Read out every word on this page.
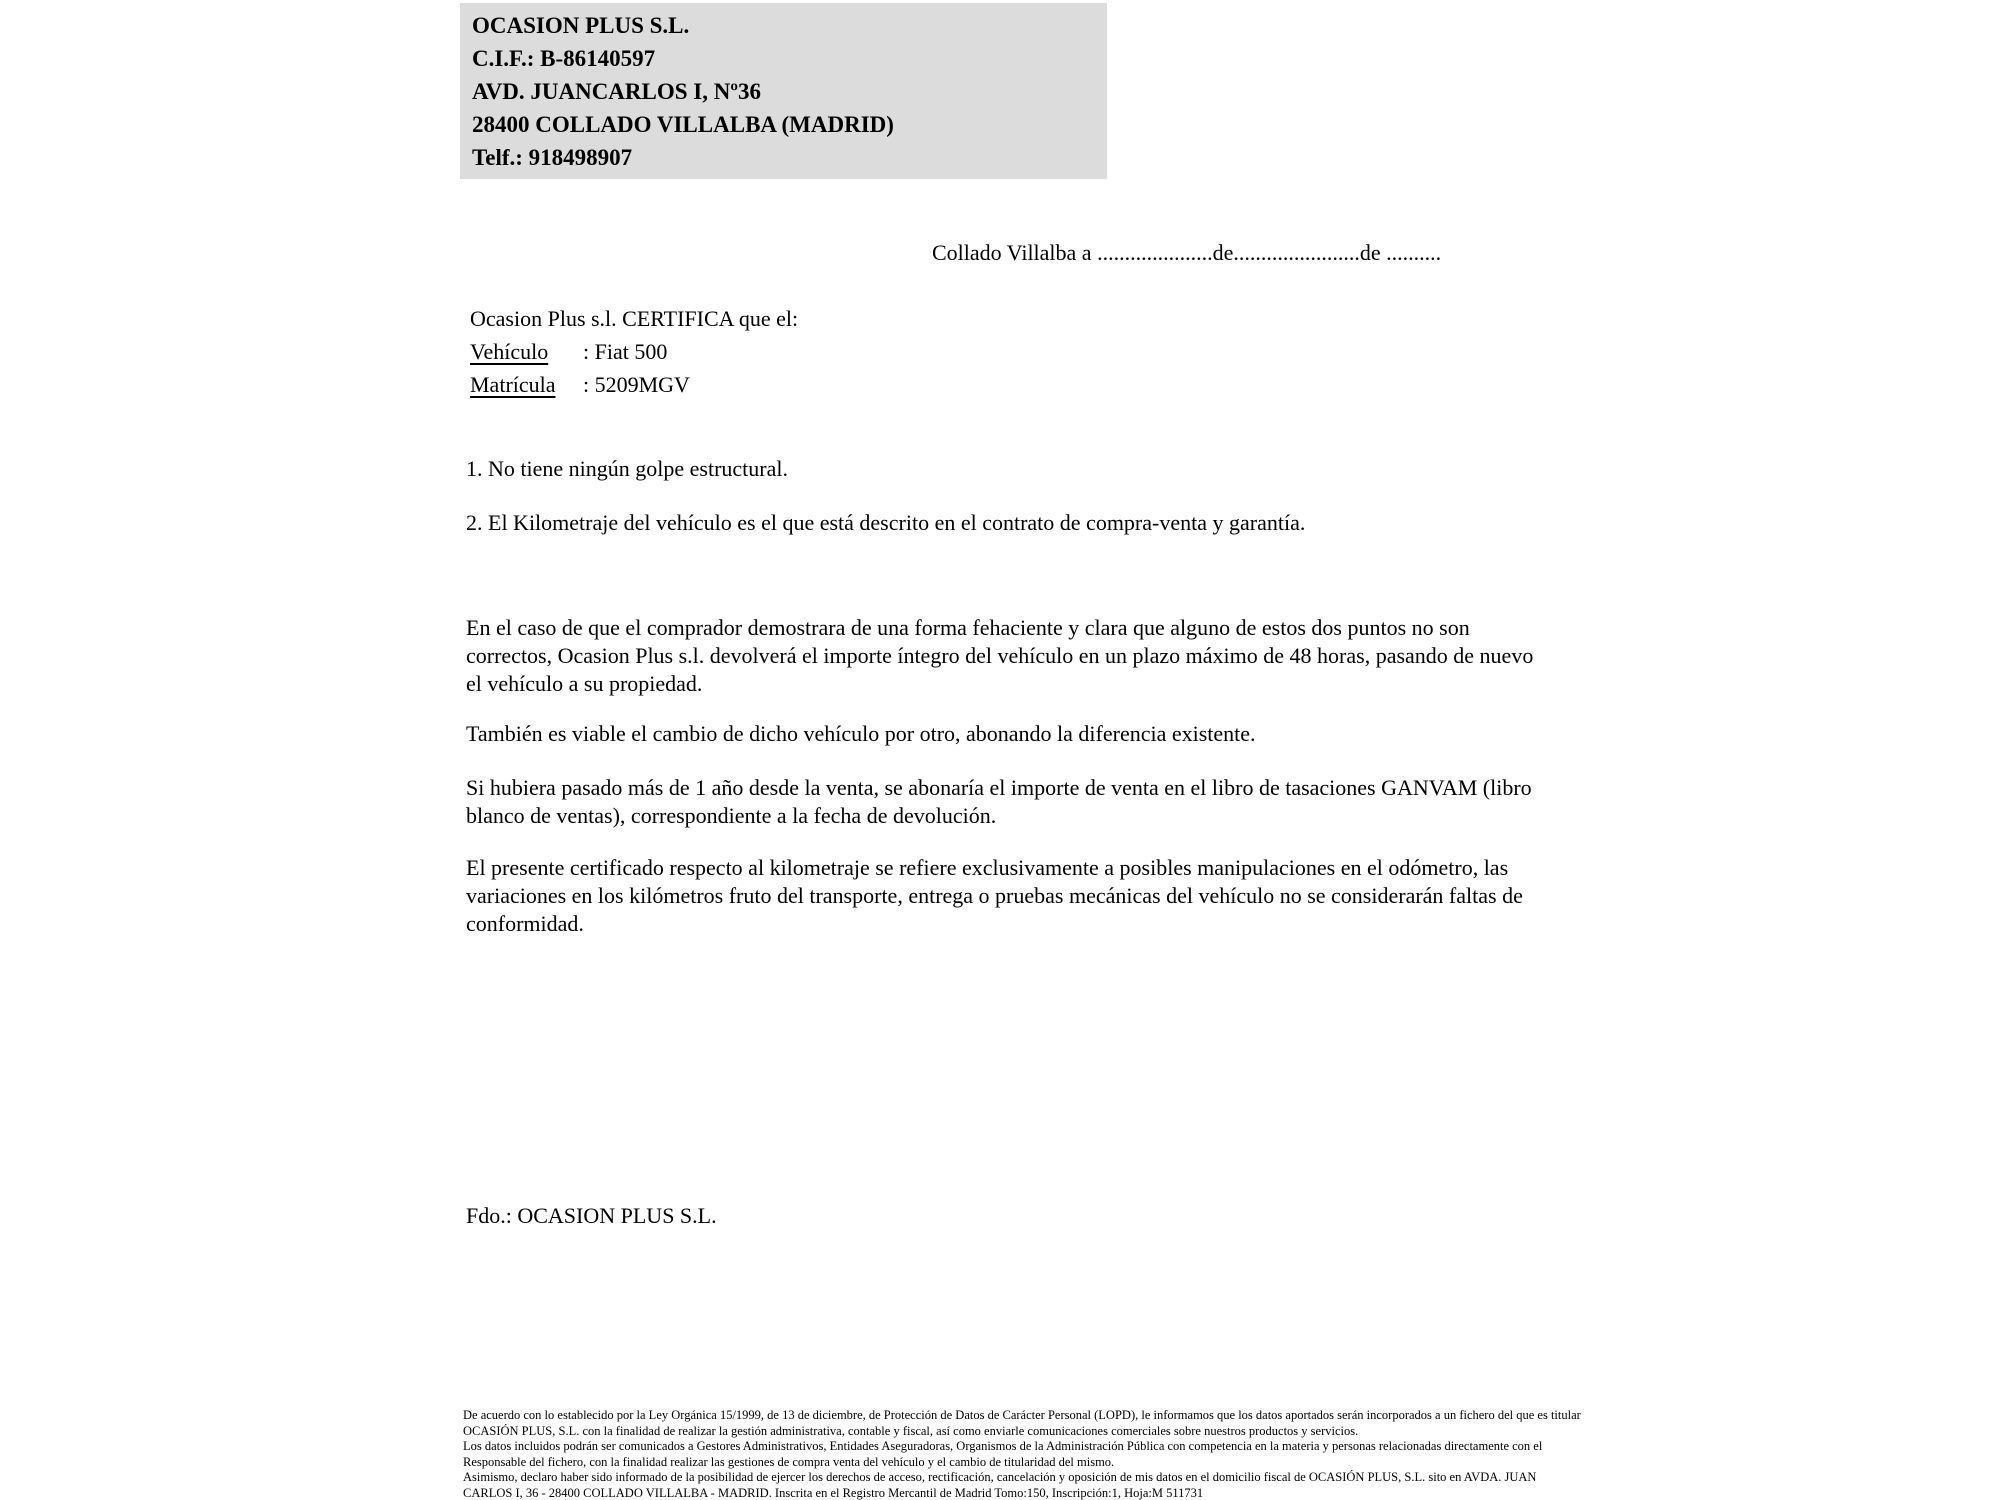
OCASION PLUS S.L.
C.I.F.: B-86140597
AVD. JUANCARLOS I, Nº36
28400 COLLADO VILLALBA (MADRID)
Telf.: 918498907
Collado Villalba a .....................de.......................de ..........
Ocasion Plus s.l. CERTIFICA que el:
Vehículo : Fiat 500
Matrícula : 5209MGV
1. No tiene ningún golpe estructural.
2. El Kilometraje del vehículo es el que está descrito en el contrato de compra-venta y garantía.
En el caso de que el comprador demostrara de una forma fehaciente y clara que alguno de estos dos puntos no son correctos, Ocasion Plus s.l. devolverá el importe íntegro del vehículo en un plazo máximo de 48 horas, pasando de nuevo el vehículo a su propiedad.
También es viable el cambio de dicho vehículo por otro, abonando la diferencia existente.
Si hubiera pasado más de 1 año desde la venta, se abonaría el importe de venta en el libro de tasaciones GANVAM (libro blanco de ventas), correspondiente a la fecha de devolución.
El presente certificado respecto al kilometraje se refiere exclusivamente a posibles manipulaciones en el odómetro, las variaciones en los kilómetros fruto del transporte, entrega o pruebas mecánicas del vehículo no se considerarán faltas de conformidad.
Fdo.: OCASION PLUS S.L.
De acuerdo con lo establecido por la Ley Orgánica 15/1999, de 13 de diciembre, de Protección de Datos de Carácter Personal (LOPD), le informamos que los datos aportados serán incorporados a un fichero del que es titular
OCASIÓN PLUS, S.L. con la finalidad de realizar la gestión administrativa, contable y fiscal, así como enviarle comunicaciones comerciales sobre nuestros productos y servicios.
Los datos incluidos podrán ser comunicados a Gestores Administrativos, Entidades Aseguradoras, Organismos de la Administración Pública con competencia en la materia y personas relacionadas directamente con el
Responsable del fichero, con la finalidad realizar las gestiones de compra venta del vehículo y el cambio de titularidad del mismo.
Asimismo, declaro haber sido informado de la posibilidad de ejercer los derechos de acceso, rectificación, cancelación y oposición de mis datos en el domicilio fiscal de OCASIÓN PLUS, S.L. sito en AVDA. JUAN
CARLOS I, 36 - 28400 COLLADO VILLALBA - MADRID. Inscrita en el Registro Mercantil de Madrid Tomo:150, Inscripción:1, Hoja:M 511731
